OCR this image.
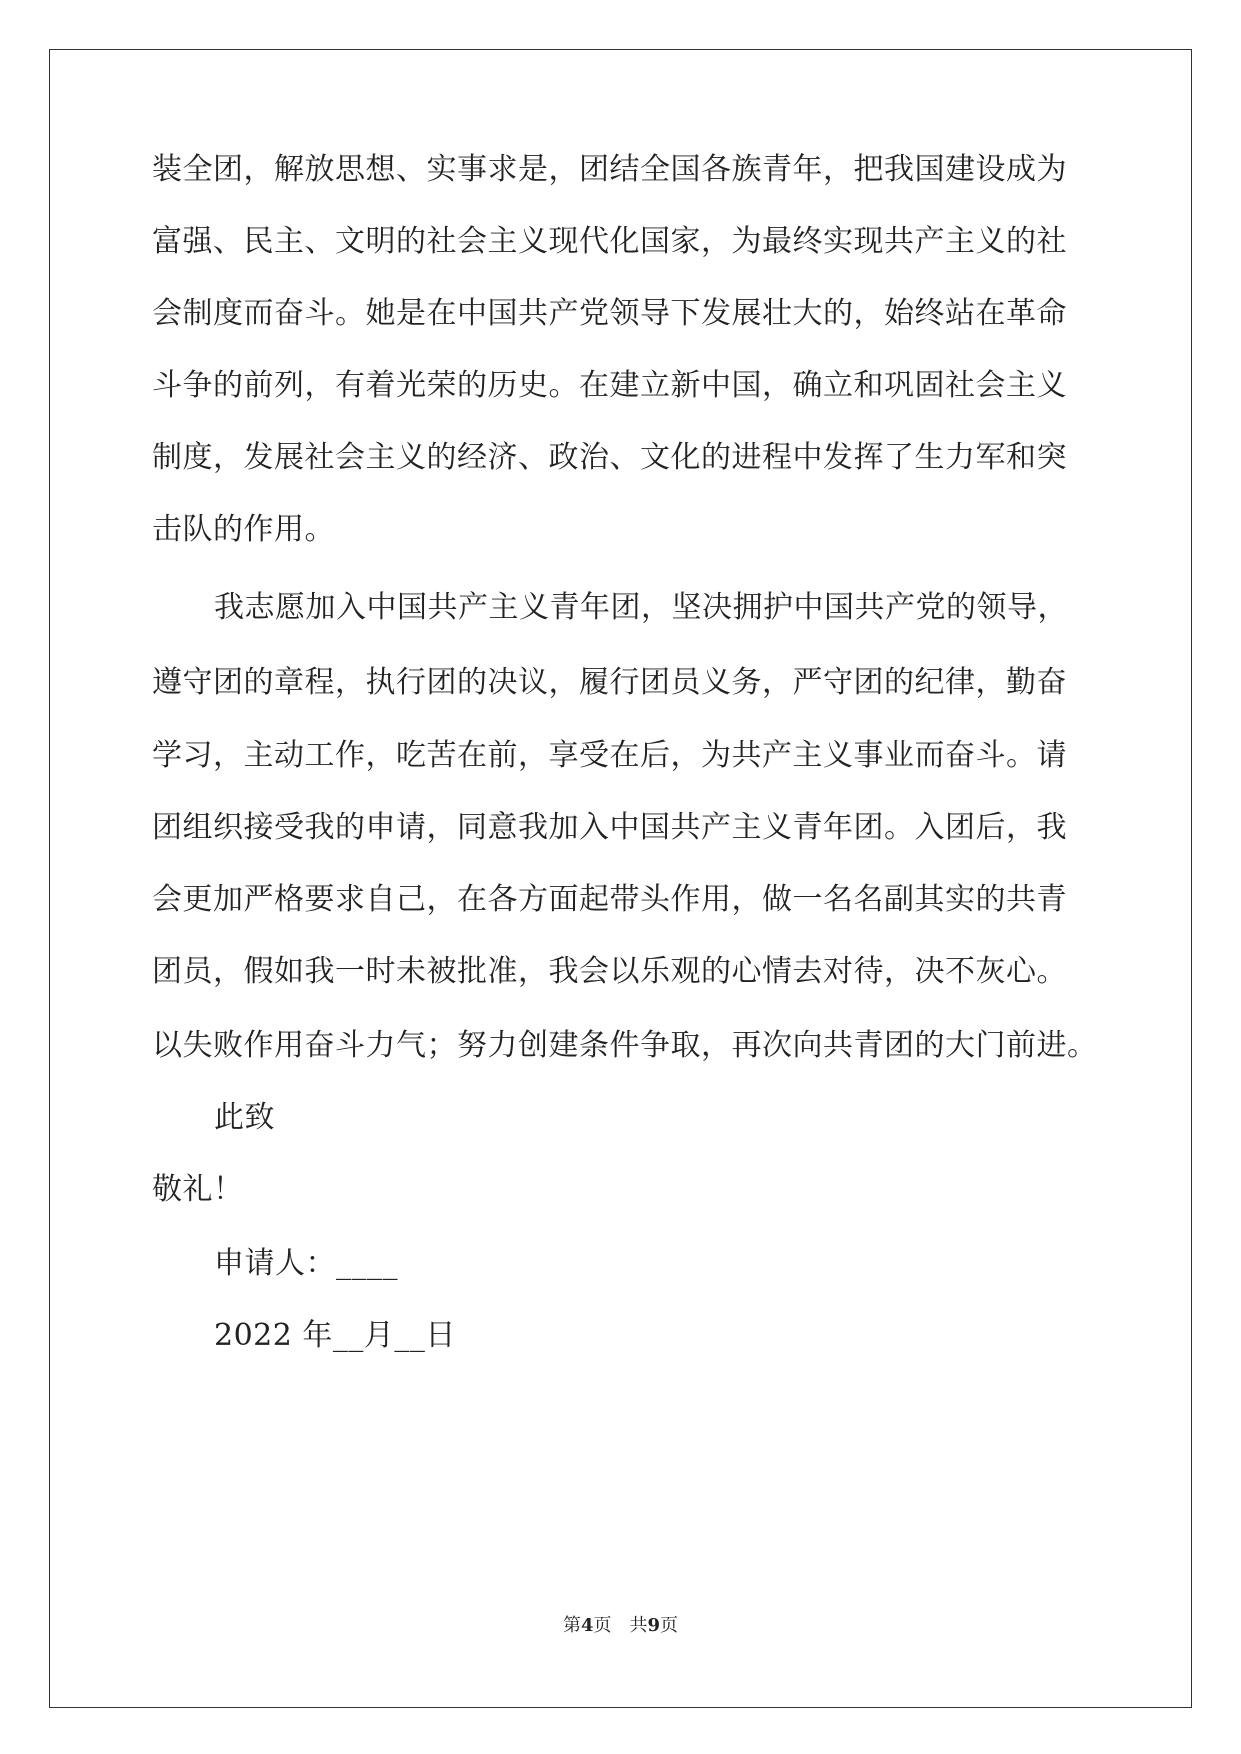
装全团，解放思想、实事求是，团结全国各族青年，把我国建设成为
富强、民主、文明的社会主义现代化国家，为最终实现共产主义的社
会制度而奋斗。她是在中国共产党领导下发展壮大的，始终站在革命
斗争的前列，有着光荣的历史。在建立新中国，确立和巩固社会主义
制度，发展社会主义的经济、政治、文化的进程中发挥了生力军和突
击队的作用。
我志愿加入中国共产主义青年团，坚决拥护中国共产党的领导，
遵守团的章程，执行团的决议，履行团员义务，严守团的纪律，勤奋
学习，主动工作，吃苦在前，享受在后，为共产主义事业而奋斗。请
团组织接受我的申请，同意我加入中国共产主义青年团。入团后，我
会更加严格要求自己，在各方面起带头作用，做一名名副其实的共青
团员，假如我一时未被批准，我会以乐观的心情去对待，决不灰心。
以失败作用奋斗力气；努力创建条件争取，再次向共青团的大门前进。
此致
敬礼！
申请人：____
2022 年__月__日
第4页　共9页
